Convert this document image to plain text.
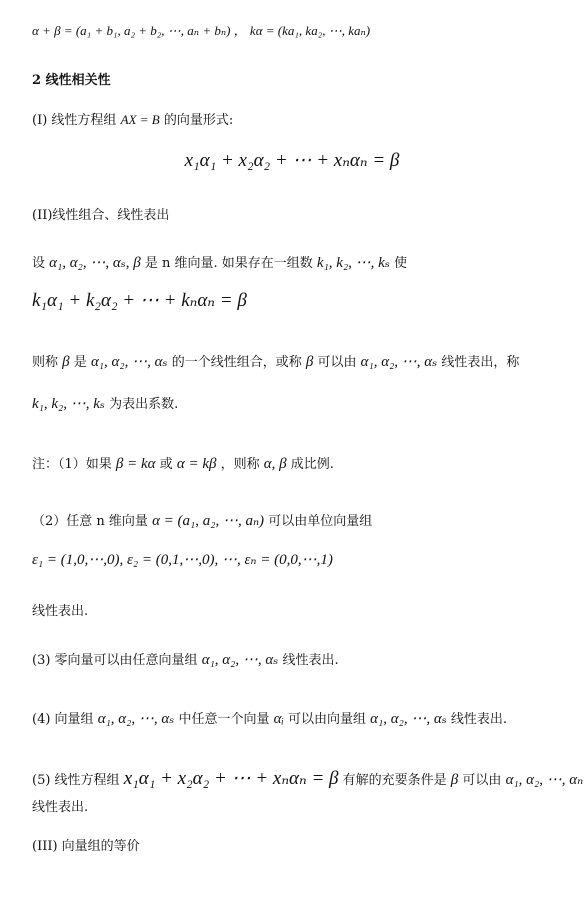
α + β = (a₁ + b₁, a₂ + b₂, ⋯, aₙ + bₙ) ， kα = (ka₁, ka₂, ⋯, kaₙ)
2 线性相关性
(I) 线性方程组 AX = B 的向量形式:
x₁α₁ + x₂α₂ + ⋯ + xₙαₙ = β
(II)线性组合、线性表出
设 α₁, α₂, ⋯, αₛ, β 是 n 维向量. 如果存在一组数 k₁, k₂, ⋯, kₛ 使
k₁α₁ + k₂α₂ + ⋯ + kₙαₙ = β
则称 β 是 α₁, α₂, ⋯, αₛ 的一个线性组合，或称 β 可以由 α₁, α₂, ⋯, αₛ 线性表出，称
k₁, k₂, ⋯, kₛ 为表出系数.
注：（1）如果 β = kα 或 α = kβ ，则称 α, β 成比例.
（2）任意 n 维向量 α = (a₁, a₂, ⋯, aₙ) 可以由单位向量组
ε₁ = (1,0,⋯,0), ε₂ = (0,1,⋯,0), ⋯, εₙ = (0,0,⋯,1)
线性表出.
(3) 零向量可以由任意向量组 α₁, α₂, ⋯, αₛ 线性表出.
(4) 向量组 α₁, α₂, ⋯, αₛ 中任意一个向量 αᵢ 可以由向量组 α₁, α₂, ⋯, αₛ 线性表出.
(5) 线性方程组 x₁α₁ + x₂α₂ + ⋯ + xₙαₙ = β 有解的充要条件是 β 可以由 α₁, α₂, ⋯, αₙ
线性表出.
(III) 向量组的等价
